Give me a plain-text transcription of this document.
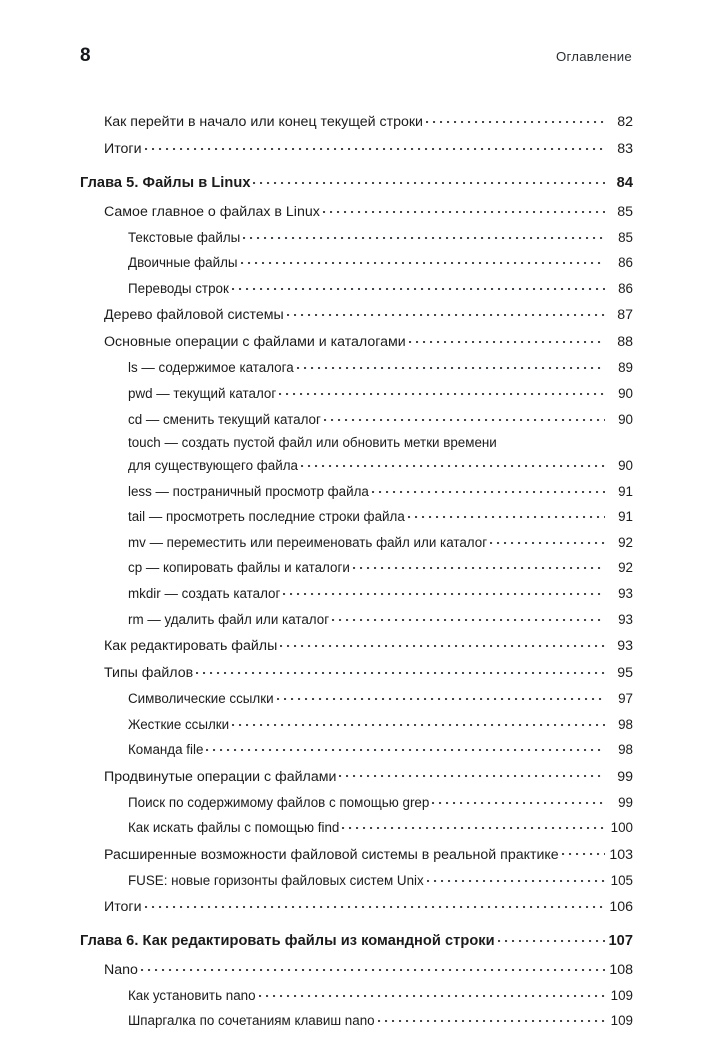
8	Оглавление
Как перейти в начало или конец текущей строки	82
Итоги	83
Глава 5. Файлы в Linux	84
Самое главное о файлах в Linux	85
Текстовые файлы	85
Двоичные файлы	86
Переводы строк	86
Дерево файловой системы	87
Основные операции с файлами и каталогами	88
ls — содержимое каталога	89
pwd — текущий каталог	90
cd — сменить текущий каталог	90
touch — создать пустой файл или обновить метки времени
для существующего файла	90
less — постраничный просмотр файла	91
tail — просмотреть последние строки файла	91
mv — переместить или переименовать файл или каталог	92
cp — копировать файлы и каталоги	92
mkdir — создать каталог	93
rm — удалить файл или каталог	93
Как редактировать файлы	93
Типы файлов	95
Символические ссылки	97
Жесткие ссылки	98
Команда file	98
Продвинутые операции с файлами	99
Поиск по содержимому файлов с помощью grep	99
Как искать файлы с помощью find	100
Расширенные возможности файловой системы в реальной практике	103
FUSE: новые горизонты файловых систем Unix	105
Итоги	106
Глава 6. Как редактировать файлы из командной строки	107
Nano	108
Как установить nano	109
Шпаргалка по сочетаниям клавиш nano	109
